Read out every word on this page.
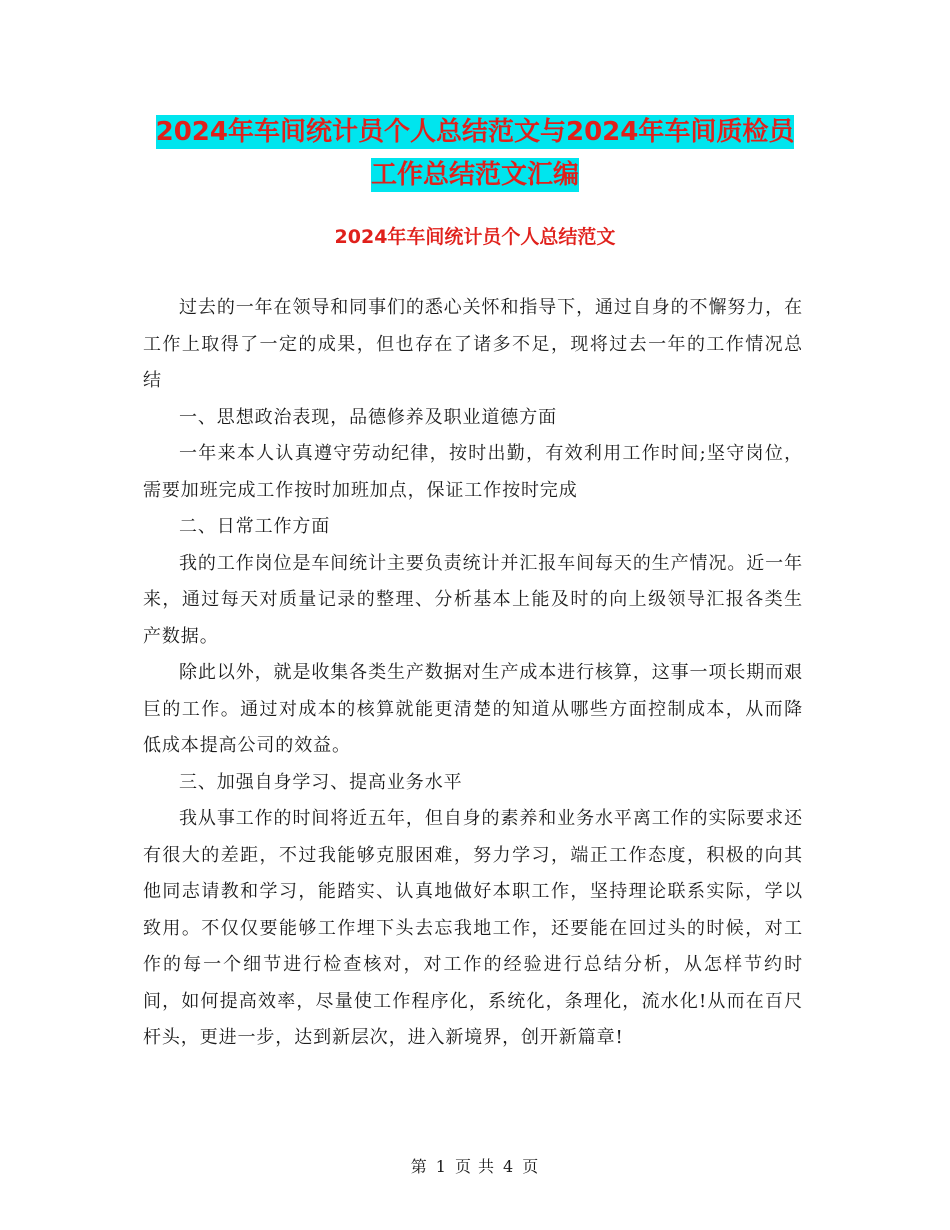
2024年车间统计员个人总结范文与2024年车间质检员
工作总结范文汇编
2024年车间统计员个人总结范文

过去的一年在领导和同事们的悉心关怀和指导下，通过自身的不懈努力，在工作上取得了一定的成果，但也存在了诸多不足，现将过去一年的工作情况总结

一、思想政治表现，品德修养及职业道德方面

一年来本人认真遵守劳动纪律，按时出勤，有效利用工作时间;坚守岗位，需要加班完成工作按时加班加点，保证工作按时完成

二、日常工作方面

我的工作岗位是车间统计主要负责统计并汇报车间每天的生产情况。近一年来，通过每天对质量记录的整理、分析基本上能及时的向上级领导汇报各类生产数据。

除此以外，就是收集各类生产数据对生产成本进行核算，这事一项长期而艰巨的工作。通过对成本的核算就能更清楚的知道从哪些方面控制成本，从而降低成本提高公司的效益。

三、加强自身学习、提高业务水平

我从事工作的时间将近五年，但自身的素养和业务水平离工作的实际要求还有很大的差距，不过我能够克服困难，努力学习，端正工作态度，积极的向其他同志请教和学习，能踏实、认真地做好本职工作，坚持理论联系实际，学以致用。不仅仅要能够工作埋下头去忘我地工作，还要能在回过头的时候，对工作的每一个细节进行检查核对，对工作的经验进行总结分析，从怎样节约时间，如何提高效率，尽量使工作程序化，系统化，条理化，流水化!从而在百尺杆头，更进一步，达到新层次，进入新境界，创开新篇章!

第 1 页 共 4 页
